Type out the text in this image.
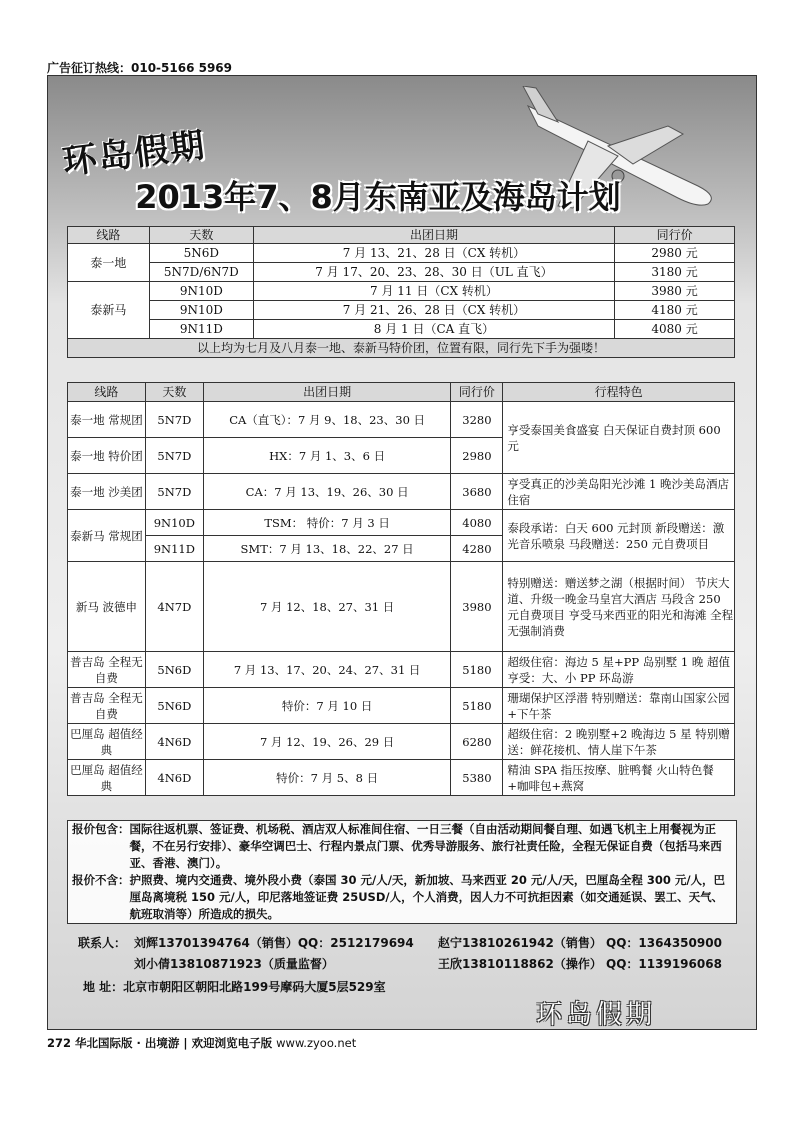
广告征订热线：010-5166 5969
环岛假期
2013年7、8月东南亚及海岛计划
线路	天数	出团日期	同行价
泰一地	5N6D	7 月 13、21、28 日（CX 转机）	2980 元
	5N7D/6N7D	7 月 17、20、23、28、30 日（UL 直飞）	3180 元
泰新马	9N10D	7 月 11 日（CX 转机）	3980 元
	9N10D	7 月 21、26、28 日（CX 转机）	4180 元
	9N11D	8 月 1 日（CA 直飞）	4080 元
以上均为七月及八月泰一地、泰新马特价团，位置有限，同行先下手为强喽！			
线路	天数	出团日期	同行价	行程特色
泰一地 常规团	5N7D	CA（直飞）：7 月 9、18、23、30 日	3280	亨受泰国美食盛宴 白天保证自费封顶 600 元
泰一地 特价团	5N7D	HX：7 月 1、3、6 日	2980	
泰一地 沙美团	5N7D	CA：7 月 13、19、26、30 日	3680	亨受真正的沙美岛阳光沙滩 1 晚沙美岛酒店住宿
泰新马 常规团	9N10D	TSM： 特价：7 月 3 日	4080	泰段承诺：白天 600 元封顶 新段赠送：激光音乐喷泉 马段赠送：250 元自费项目
	9N11D	SMT：7 月 13、18、22、27 日	4280	
新马 波德申	4N7D	7 月 12、18、27、31 日	3980	特别赠送：赠送梦之湖（根据时间） 节庆大道、升级一晚金马皇宫大酒店 马段含 250 元自费项目 亨受马来西亚的阳光和海滩 全程无强制消费
普吉岛 全程无自费	5N6D	7 月 13、17、20、24、27、31 日	5180	超级住宿：海边 5 星+PP 岛别墅 1 晚 超值亨受：大、小 PP 环岛游
普吉岛 全程无自费	5N6D	特价：7 月 10 日	5180	珊瑚保护区浮潜 特别赠送：靠南山国家公园+下午茶
巴厘岛 超值经典	4N6D	7 月 12、19、26、29 日	6280	超级住宿：2 晚别墅+2 晚海边 5 星 特别赠送：鲜花接机、情人崖下午茶
巴厘岛 超值经典	4N6D	特价：7 月 5、8 日	5380	精油 SPA 指压按摩、脏鸭餐 火山特色餐+咖啡包+燕窝
报价包含： 国际往返机票、签证费、机场税、酒店双人标准间住宿、一日三餐（自由活动期间餐自理、如遇飞机主上用餐视为正餐，不在另行安排）、豪华空调巴士、行程内景点门票、优秀导游服务、旅行社责任险，全程无保证自费（包括马来西亚、香港、澳门）。
报价不含： 护照费、境内交通费、境外段小费（泰国 30 元/人/天，新加坡、马来西亚 20 元/人/天，巴厘岛全程 300 元/人，巴厘岛离境税 150 元/人，印尼落地签证费 25USD/人，个人消费，因人力不可抗拒因素（如交通延误、罢工、天气、航班取消等）所造成的损失。
联系人： 刘辉13701394764（销售）QQ：2512179694 赵宁13810261942（销售） QQ：1364350900
刘小倩13810871923（质量监督）	王欣13810118862（操作） QQ：1139196068
地 址：北京市朝阳区朝阳北路199号摩码大厦5层529室
环岛假期
272 华北国际版 · 出境游 | 欢迎浏览电子版 www.zyoo.net
